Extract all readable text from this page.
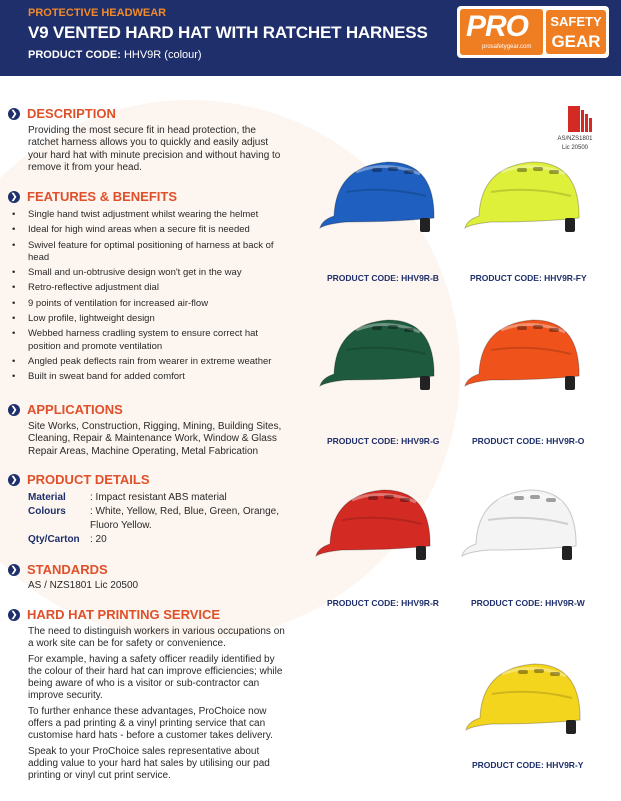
PROTECTIVE HEADWEAR
V9 VENTED HARD HAT WITH RATCHET HARNESS
PRODUCT CODE: HHV9R (colour)
PRO
prosafetygear.com
SAFETY
GEAR
AS/NZS1801
Lic 20500
❯ DESCRIPTION
Providing the most secure fit in head protection, the ratchet harness allows you to quickly and easily adjust your hard hat with minute precision and without having to remove it from your head.
❯ FEATURES & BENEFITS
• Single hand twist adjustment whilst wearing the helmet
• Ideal for high wind areas when a secure fit is needed
• Swivel feature for optimal positioning of harness at back of head
• Small and un-obtrusive design won't get in the way
• Retro-reflective adjustment dial
• 9 points of ventilation for increased air-flow
• Low profile, lightweight design
• Webbed harness cradling system to ensure correct hat position and promote ventilation
• Angled peak deflects rain from wearer in extreme weather
• Built in sweat band for added comfort
❯ APPLICATIONS
Site Works, Construction, Rigging, Mining, Building Sites, Cleaning, Repair & Maintenance Work, Window & Glass Repair Areas, Machine Operating, Metal Fabrication
❯ PRODUCT DETAILS
Material	: Impact resistant ABS material
Colours	: White, Yellow, Red, Blue, Green, Orange, Fluoro Yellow.
Qty/Carton	: 20
❯ STANDARDS
AS / NZS1801 Lic 20500
❯ HARD HAT PRINTING SERVICE
The need to distinguish workers in various occupations on a work site can be for safety or convenience.
For example, having a safety officer readily identified by the colour of their hard hat can improve efficiencies; while being aware of who is a visitor or sub-contractor can improve security.
To further enhance these advantages, ProChoice now offers a pad printing & a vinyl printing service that can customise hard hats - before a customer takes delivery.
Speak to your ProChoice sales representative about adding value to your hard hat sales by utilising our pad printing or vinyl cut print service.
PRODUCT CODE: HHV9R-B	PRODUCT CODE: HHV9R-FY
PRODUCT CODE: HHV9R-G	PRODUCT CODE: HHV9R-O
PRODUCT CODE: HHV9R-R	PRODUCT CODE: HHV9R-W
PRODUCT CODE: HHV9R-Y
